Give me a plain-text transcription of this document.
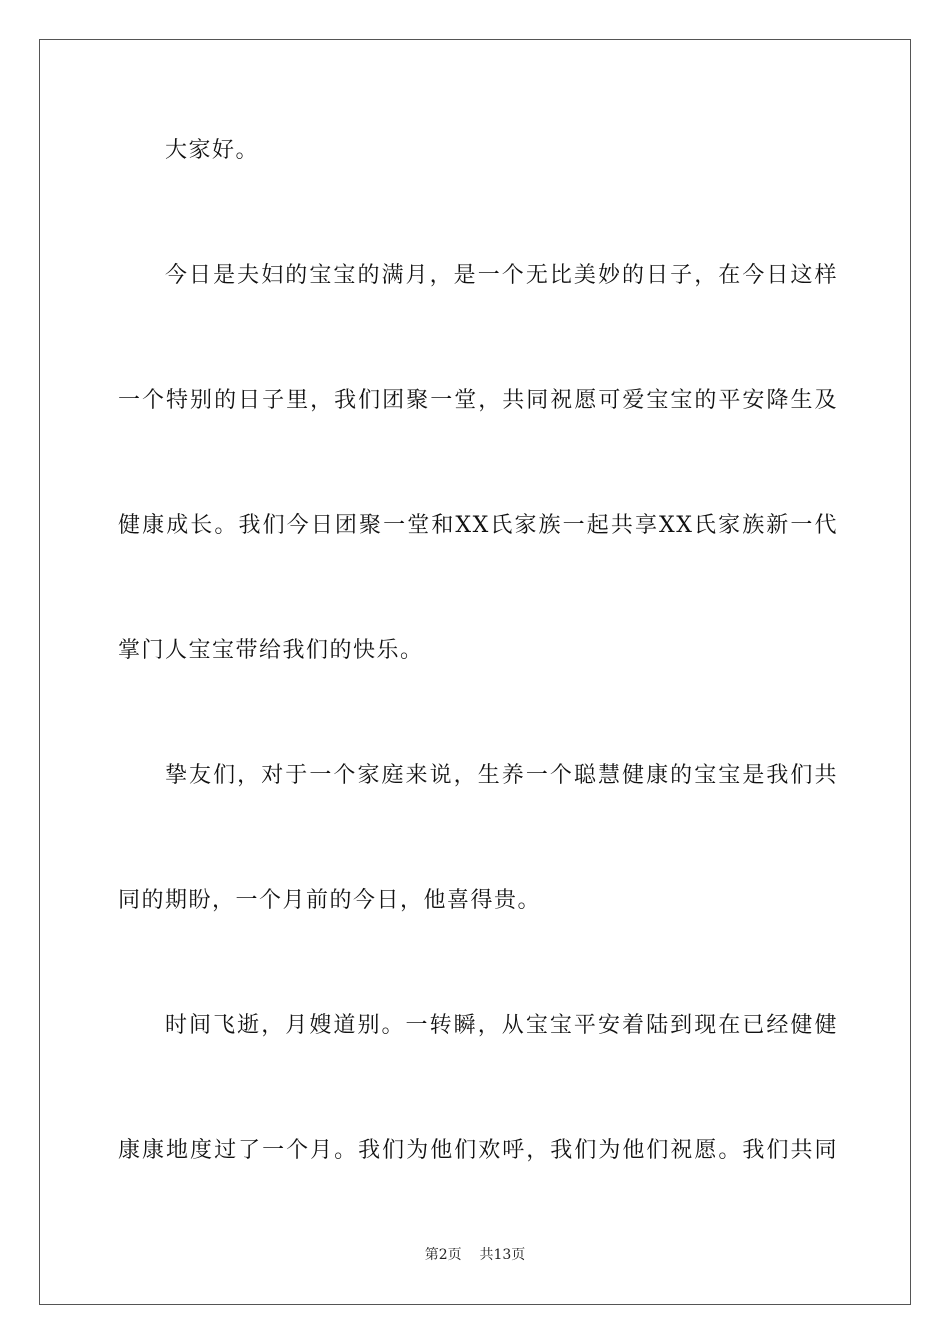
大家好。
今日是夫妇的宝宝的满月，是一个无比美妙的日子，在今日这样
一个特别的日子里，我们团聚一堂，共同祝愿可爱宝宝的平安降生及
健康成长。我们今日团聚一堂和XX氏家族一起共享XX氏家族新一代
掌门人宝宝带给我们的快乐。
挚友们，对于一个家庭来说，生养一个聪慧健康的宝宝是我们共
同的期盼，一个月前的今日，他喜得贵。
时间飞逝，月嫂道别。一转瞬，从宝宝平安着陆到现在已经健健
康康地度过了一个月。我们为他们欢呼，我们为他们祝愿。我们共同
第2页 共13页
